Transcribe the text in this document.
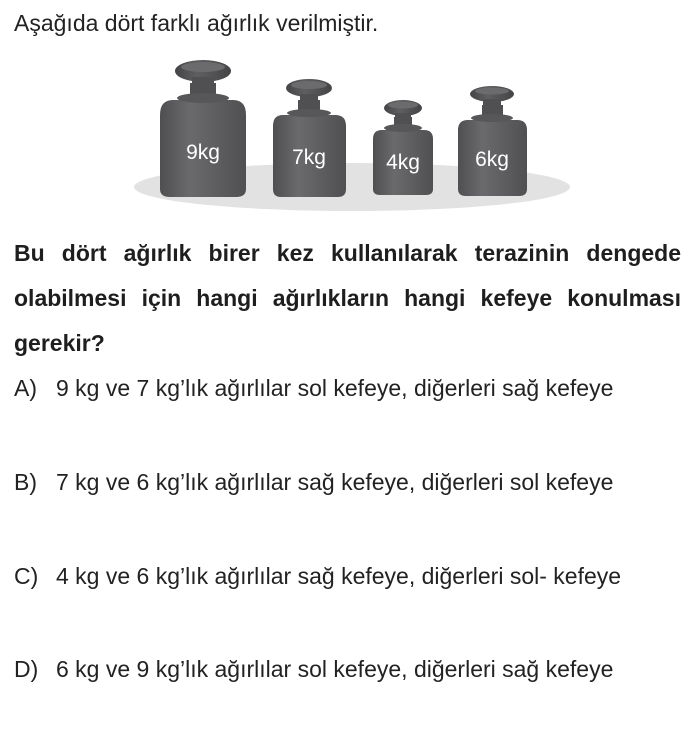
Aşağıda dört farklı ağırlık verilmiştir.
9kg	7kg	4kg	6kg
Bu dört ağırlık birer kez kullanılarak terazinin dengede olabilmesi için hangi ağırlıkların hangi kefeye konulması gerekir?
A) 9 kg ve 7 kg’lık ağırlılar sol kefeye, diğerleri sağ kefeye
B) 7 kg ve 6 kg’lık ağırlılar sağ kefeye, diğerleri sol kefeye
C) 4 kg ve 6 kg’lık ağırlılar sağ kefeye, diğerleri sol- kefeye
D) 6 kg ve 9 kg’lık ağırlılar sol kefeye, diğerleri sağ kefeye
